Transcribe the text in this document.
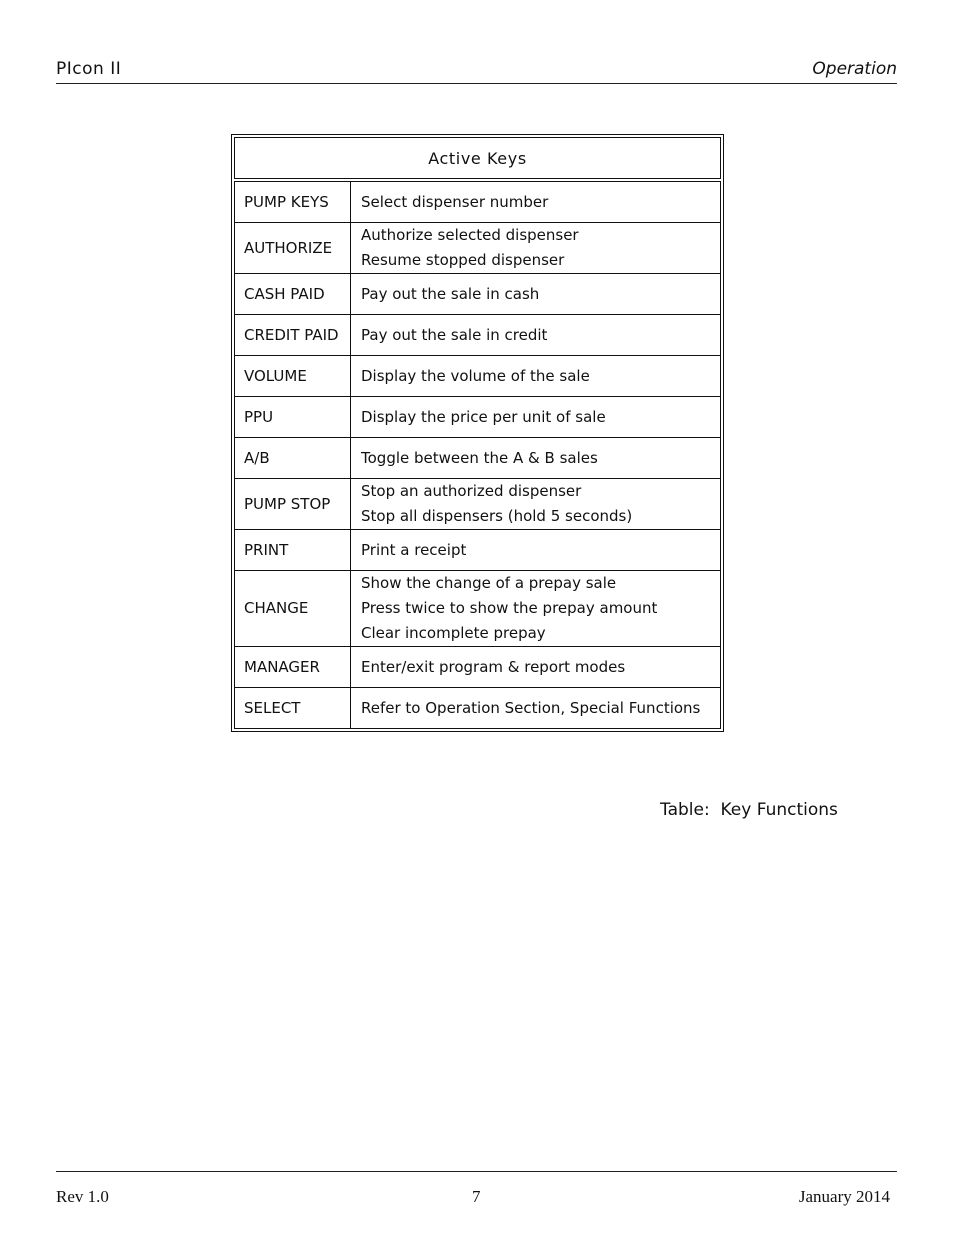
PIcon II	Operation
Active Keys	
PUMP KEYS	Select dispenser number

AUTHORIZE	Authorize selected dispenser
Resume stopped dispenser

CASH PAID	Pay out the sale in cash

CREDIT PAID	Pay out the sale in credit

VOLUME	Display the volume of the sale

PPU	Display the price per unit of sale

A/B	Toggle between the A & B sales

PUMP STOP	Stop an authorized dispenser
Stop all dispensers (hold 5 seconds)

PRINT	Print a receipt

CHANGE	Show the change of a prepay sale
Press twice to show the prepay amount
Clear incomplete prepay

MANAGER	Enter/exit program & report modes

SELECT	Refer to Operation Section, Special Functions
Table:  Key Functions
Rev 1.0	7	January 2014
